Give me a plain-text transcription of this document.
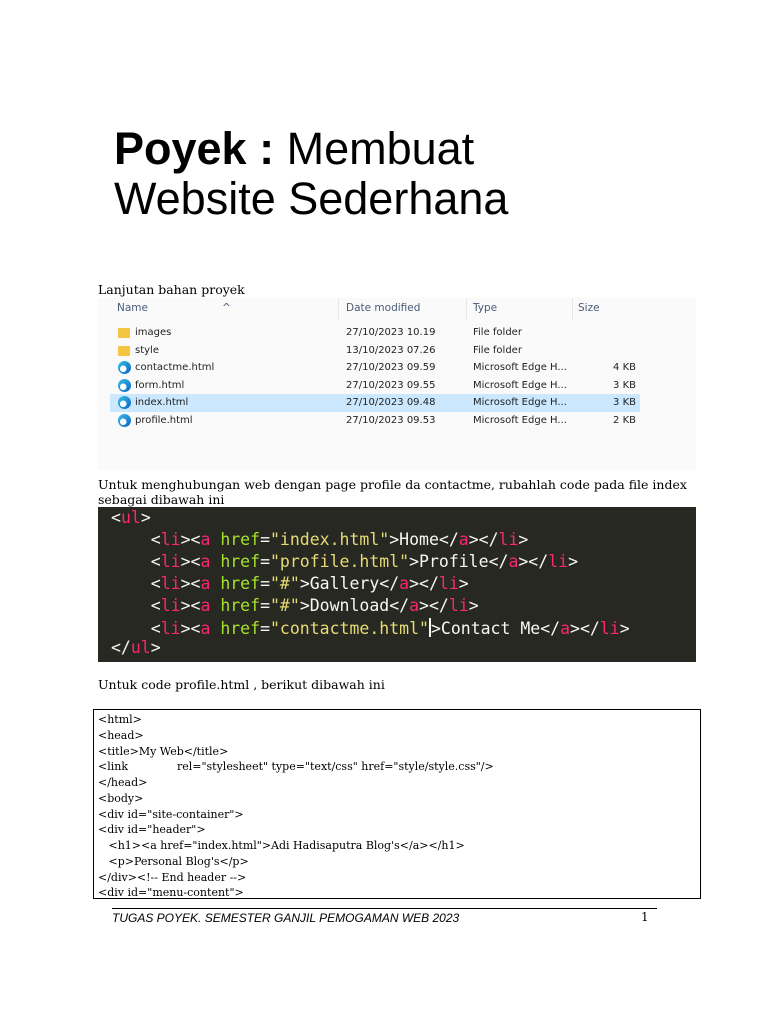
Poyek : Membuat
Website Sederhana
Lanjutan bahan proyek
^
Name	Date modified	Type	Size
images	27/10/2023 10.19	File folder
style	13/10/2023 07.26	File folder
contactme.html	27/10/2023 09.59	Microsoft Edge H...	4 KB
form.html	27/10/2023 09.55	Microsoft Edge H...	3 KB
index.html	27/10/2023 09.48	Microsoft Edge H...	3 KB
profile.html	27/10/2023 09.53	Microsoft Edge H...	2 KB
Untuk menghubungan web dengan page profile da contactme, rubahlah code pada file index
sebagai dibawah ini
<ul>
<li><a href="index.html">Home</a></li>
<li><a href="profile.html">Profile</a></li>
<li><a href="#">Gallery</a></li>
<li><a href="#">Download</a></li>
<li><a href="contactme.html" >Contact Me</a></li>
</ul>
Untuk code profile.html , berikut dibawah ini
<html>
<head>
<title>My Web</title>
<link              rel="stylesheet" type="text/css" href="style/style.css"/>
</head>
<body>
<div id="site-container">
<div id="header">
<h1><a href="index.html">Adi Hadisaputra Blog's</a></h1>
<p>Personal Blog's</p>
</div><!-- End header -->
<div id="menu-content">
TUGAS POYEK. SEMESTER GANJIL PEMOGAMAN WEB 2023	1
